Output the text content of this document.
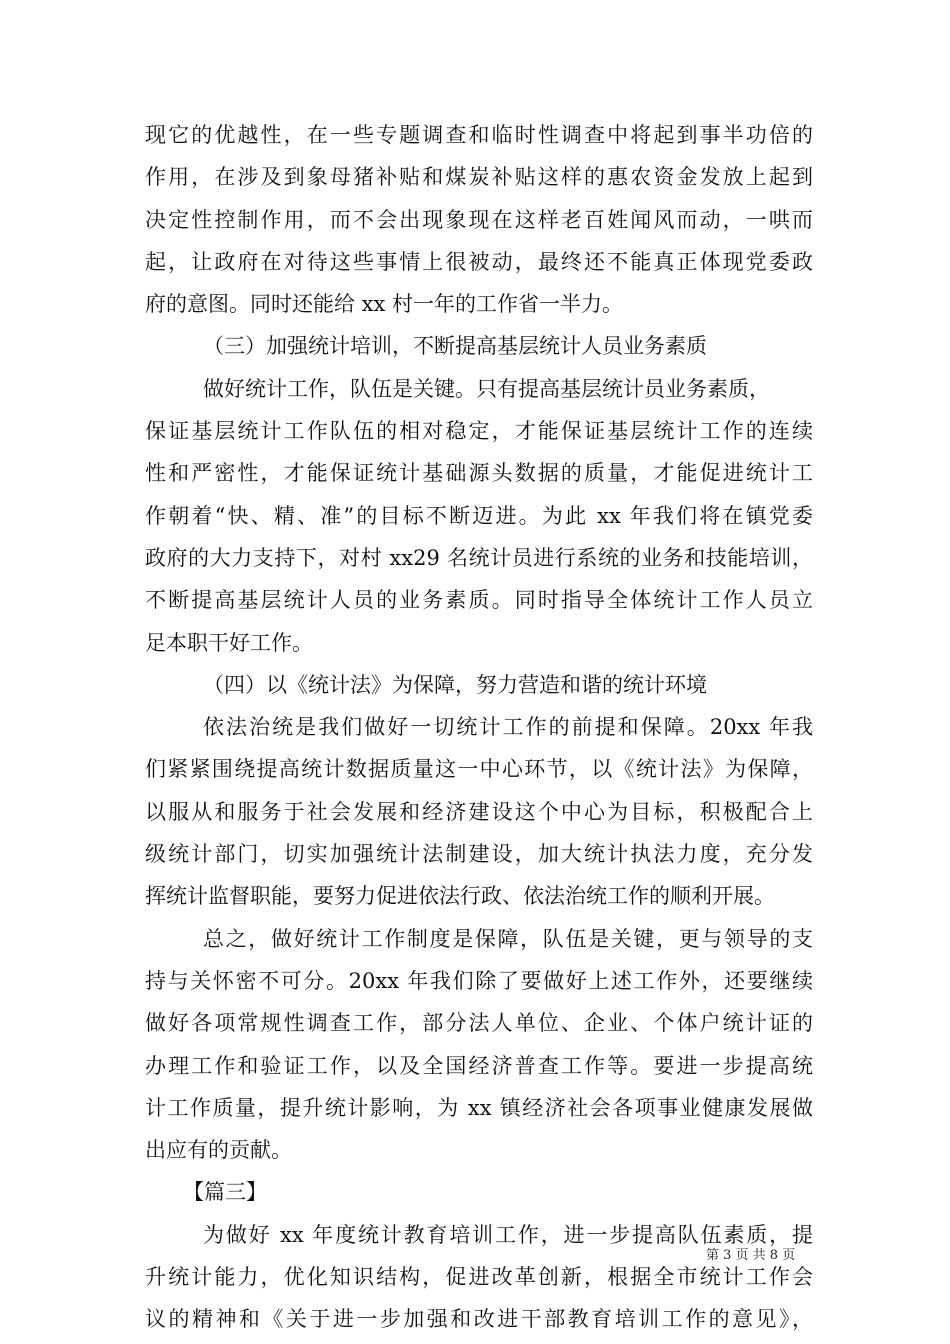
现它的优越性，在一些专题调查和临时性调查中将起到事半功倍的
作用，在涉及到象母猪补贴和煤炭补贴这样的惠农资金发放上起到
决定性控制作用，而不会出现象现在这样老百姓闻风而动，一哄而
起，让政府在对待这些事情上很被动，最终还不能真正体现党委政
府的意图。同时还能给 xx 村一年的工作省一半力。
（三）加强统计培训，不断提高基层统计人员业务素质
做好统计工作，队伍是关键。只有提高基层统计员业务素质，
保证基层统计工作队伍的相对稳定，才能保证基层统计工作的连续
性和严密性，才能保证统计基础源头数据的质量，才能促进统计工
作朝着“快、精、准”的目标不断迈进。为此 xx 年我们将在镇党委
政府的大力支持下，对村 xx29 名统计员进行系统的业务和技能培训，
不断提高基层统计人员的业务素质。同时指导全体统计工作人员立
足本职干好工作。
（四）以《统计法》为保障，努力营造和谐的统计环境
依法治统是我们做好一切统计工作的前提和保障。20xx 年我
们紧紧围绕提高统计数据质量这一中心环节，以《统计法》为保障，
以服从和服务于社会发展和经济建设这个中心为目标，积极配合上
级统计部门，切实加强统计法制建设，加大统计执法力度，充分发
挥统计监督职能，要努力促进依法行政、依法治统工作的顺利开展。
总之，做好统计工作制度是保障，队伍是关键，更与领导的支
持与关怀密不可分。20xx 年我们除了要做好上述工作外，还要继续
做好各项常规性调查工作，部分法人单位、企业、个体户统计证的
办理工作和验证工作，以及全国经济普查工作等。要进一步提高统
计工作质量，提升统计影响，为 xx 镇经济社会各项事业健康发展做
出应有的贡献。
【篇三】
为做好 xx 年度统计教育培训工作，进一步提高队伍素质，提
升统计能力，优化知识结构，促进改革创新，根据全市统计工作会
议的精神和《关于进一步加强和改进干部教育培训工作的意见》，
第 3 页 共 8 页
